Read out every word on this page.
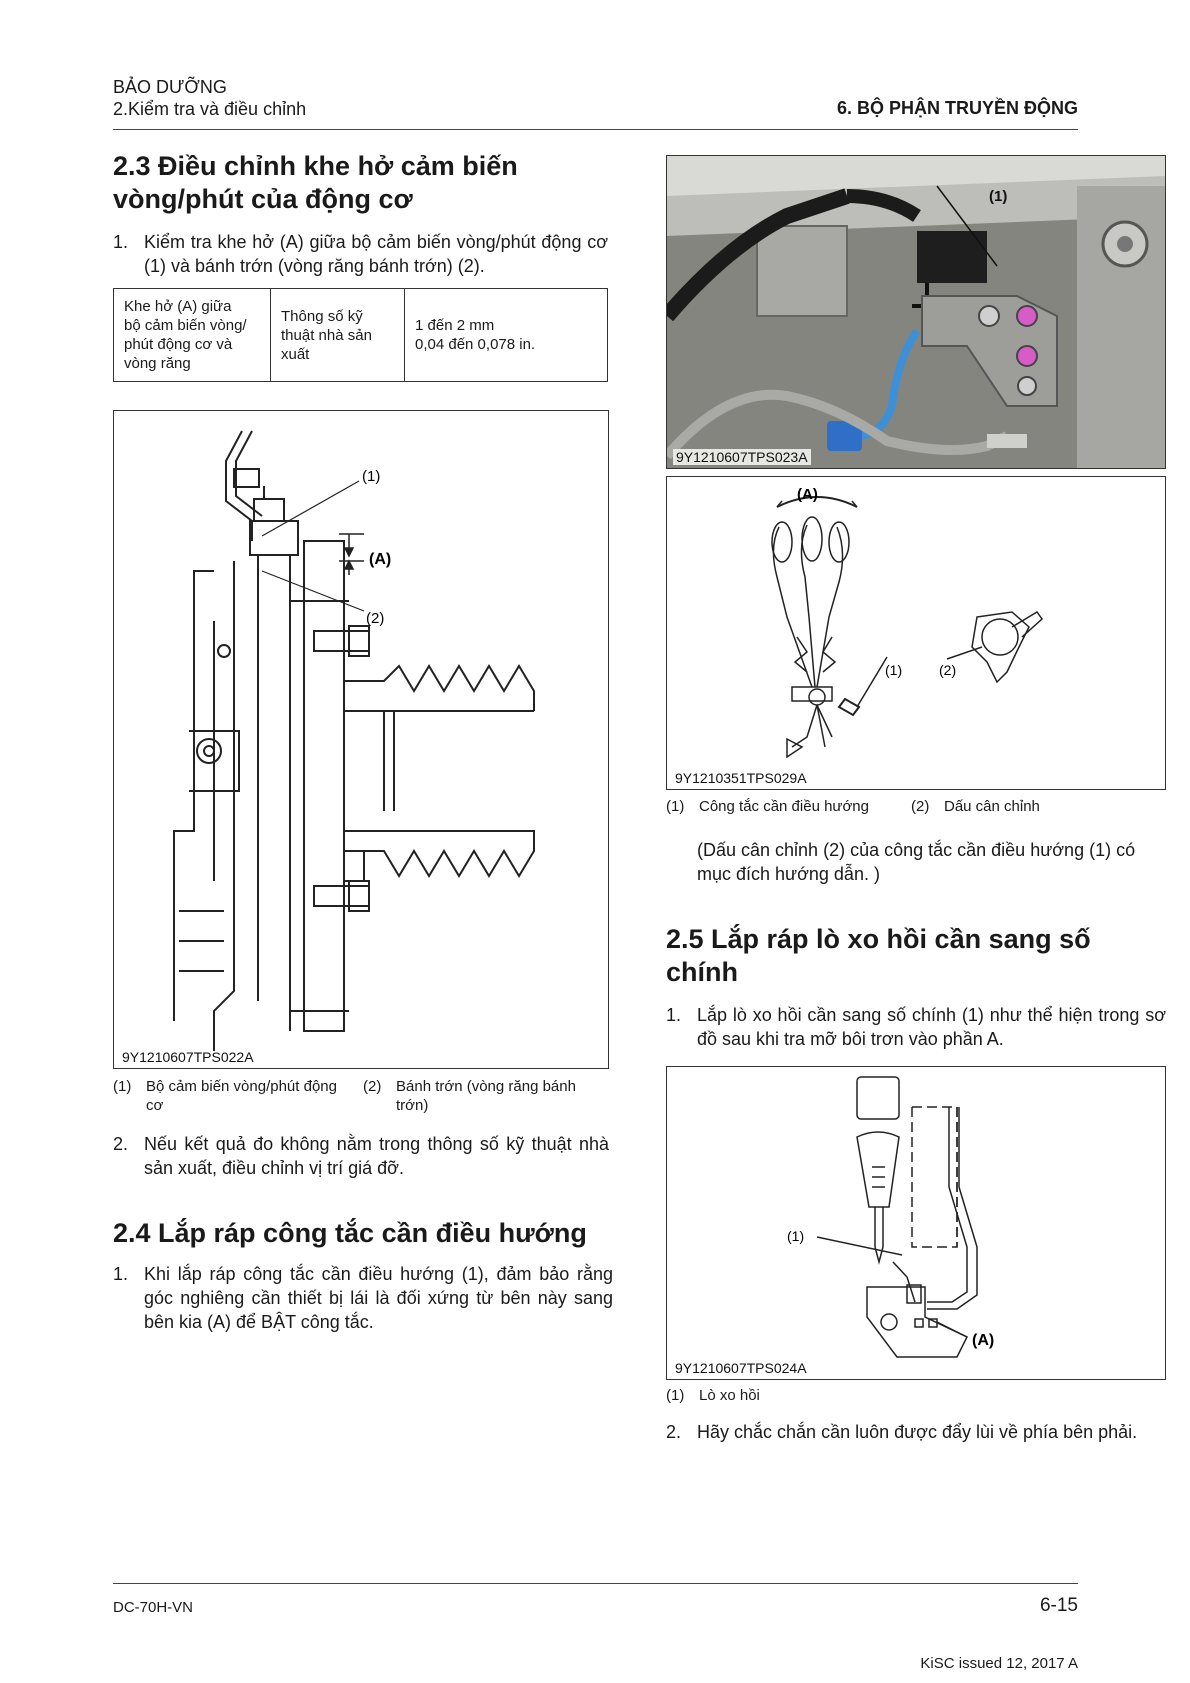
BẢO DƯỠNG
2.Kiểm tra và điều chỉnh	6. BỘ PHẬN TRUYỀN ĐỘNG
2.3 Điều chỉnh khe hở cảm biến
vòng/phút của động cơ
1. Kiểm tra khe hở (A) giữa bộ cảm biến vòng/phút động cơ (1) và bánh trớn (vòng răng bánh trớn) (2).
Khe hở (A) giữa
bộ cảm biến vòng/
phút động cơ và
vòng răng	Thông số kỹ
thuật nhà sản
xuất	1 đến 2 mm
0,04 đến 0,078 in.
(1)
(2)
(A)
9Y1210607TPS022A
(1) Bộ cảm biến vòng/phút động cơ
(2) Bánh trớn (vòng răng bánh trớn)
2. Nếu kết quả đo không nằm trong thông số kỹ thuật nhà sản xuất, điều chỉnh vị trí giá đỡ.
2.4 Lắp ráp công tắc cần điều hướng
1. Khi lắp ráp công tắc cần điều hướng (1), đảm bảo rằng góc nghiêng cần thiết bị lái là đối xứng từ bên này sang bên kia (A) để BẬT công tắc.
(1)
9Y1210607TPS023A
(A)
(1)	(2)
9Y1210351TPS029A
(1) Công tắc cần điều hướng	(2) Dấu cân chỉnh
(Dấu cân chỉnh (2) của công tắc cần điều hướng (1) có mục đích hướng dẫn. )
2.5 Lắp ráp lò xo hồi cần sang số
chính
1. Lắp lò xo hồi cần sang số chính (1) như thể hiện trong sơ đồ sau khi tra mỡ bôi trơn vào phần A.
(1)
(A)
9Y1210607TPS024A
(1) Lò xo hồi
2. Hãy chắc chắn cần luôn được đẩy lùi về phía bên phải.
DC-70H-VN	6-15
KiSC issued 12, 2017 A
